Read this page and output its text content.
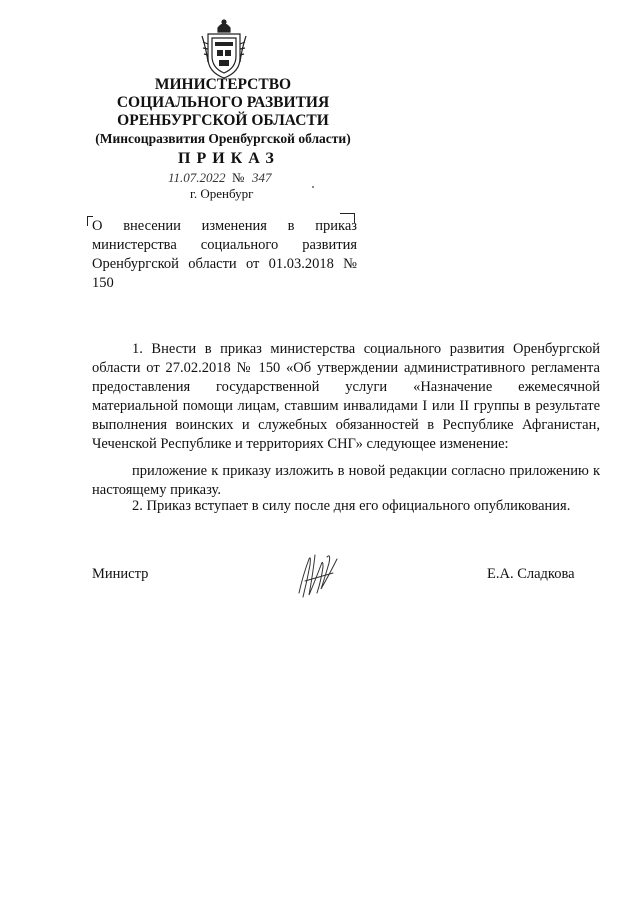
МИНИСТЕРСТВО
СОЦИАЛЬНОГО РАЗВИТИЯ
ОРЕНБУРГСКОЙ ОБЛАСТИ
(Минсоцразвития Оренбургской области)
ПРИКАЗ
11.07.2022 № 347
г. Оренбург
О внесении изменения в приказ министерства социального развития Оренбургской области от 01.03.2018 № 150
1. Внести в приказ министерства социального развития Оренбургской области от 27.02.2018 № 150 «Об утверждении административного регламента предоставления государственной услуги «Назначение ежемесячной материальной помощи лицам, ставшим инвалидами I или II группы в результате выполнения воинских и служебных обязанностей в Республике Афганистан, Чеченской Республике и территориях СНГ» следующее изменение:
приложение к приказу изложить в новой редакции согласно приложению к настоящему приказу.
2. Приказ вступает в силу после дня его официального опубликования.
Министр	Е.А. Сладкова
